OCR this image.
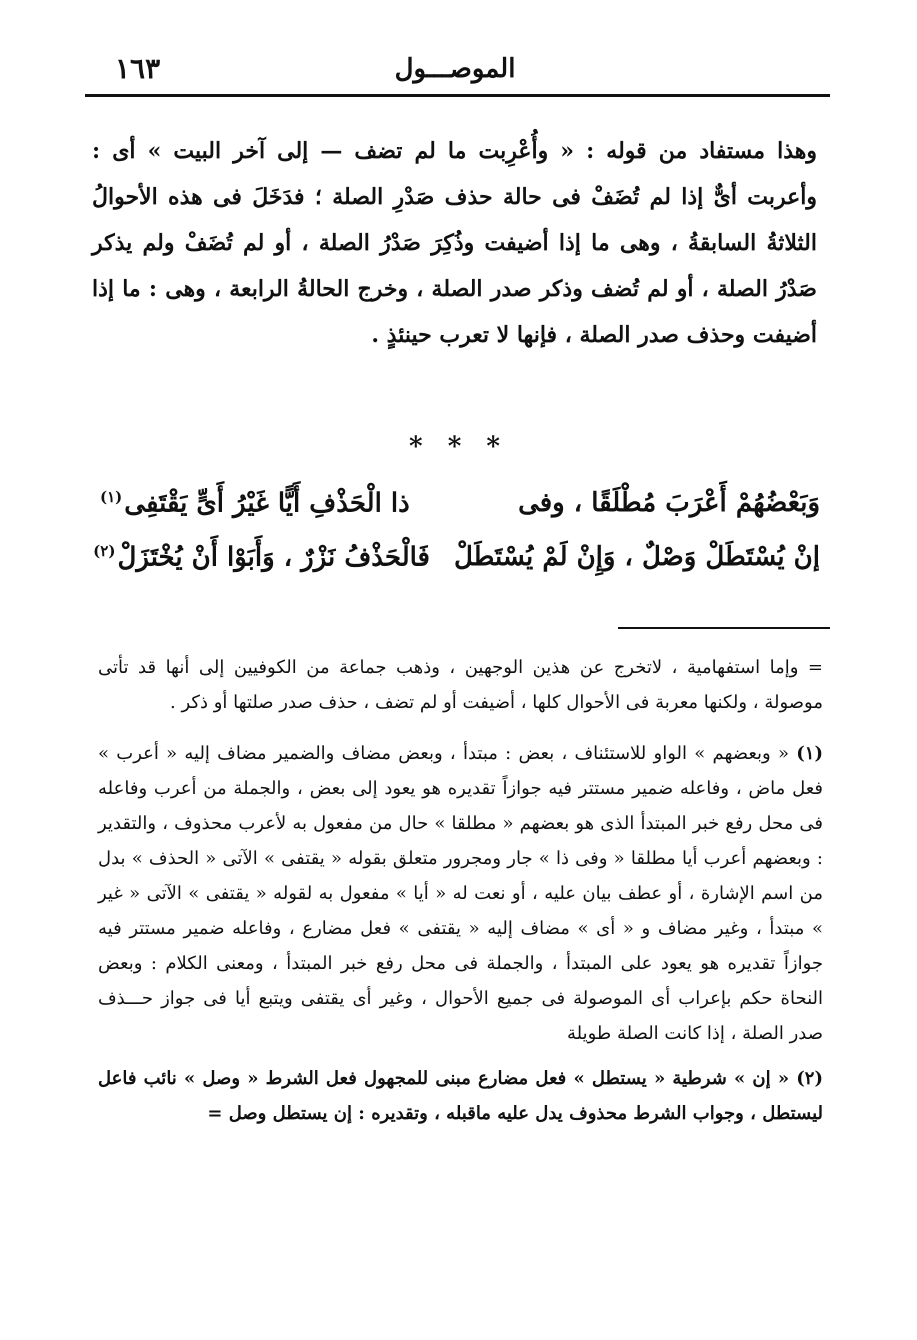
الموصـــول
١٦٣

وهذا مستفاد من قوله : « وأُعْرِبت ما لم تضف — إلى آخر البيت » أى : وأعربت أىٌّ إذا لم تُضَفْ فى حالة حذف صَدْرِ الصلة ؛ فدَخَلَ فى هذه الأحوالُ الثلاثةُ السابقةُ ، وهى ما إذا أضيفت وذُكِرَ صَدْرُ الصلة ، أو لم تُضَفْ ولم يذكر صَدْرُ الصلة ، أو لم تُضف وذكر صدر الصلة ، وخرج الحالةُ الرابعة ، وهى : ما إذا أضيفت وحذف صدر الصلة ، فإنها لا تعرب حينئذٍ .

* * *
وَبَعْضُهُمْ أَعْرَبَ مُطْلَقًا ، وفى
ذا الْحَذْفِ أَيًّا غَيْرُ أَىٍّ يَقْتَفِى$^{(١)}$
إنْ يُسْتَطَلْ وَصْلٌ ، وَإِنْ لَمْ يُسْتَطَلْ
فَالْحَذْفُ نَزْرٌ ، وَأَبَوْا أَنْ يُخْتَزَلْ$^{(٢)}$

= وإما استفهامية ، لاتخرج عن هذين الوجهين ، وذهب جماعة من الكوفيين إلى أنها قد تأتى موصولة ، ولكنها معربة فى الأحوال كلها ، أضيفت أو لم تضف ، حذف صدر صلتها أو ذكر .

(١) « وبعضهم » الواو للاستئناف ، بعض : مبتدأ ، وبعض مضاف والضمير مضاف إليه « أعرب » فعل ماض ، وفاعله ضمير مستتر فيه جوازاً تقديره هو يعود إلى بعض ، والجملة من أعرب وفاعله فى محل رفع خبر المبتدأ الذى هو بعضهم « مطلقا » حال من مفعول به لأعرب محذوف ، والتقدير : وبعضهم أعرب أيا مطلقا « وفى ذا » جار ومجرور متعلق بقوله « يقتفى » الآتى « الحذف » بدل من اسم الإشارة ، أو عطف بيان عليه ، أو نعت له « أيا » مفعول به لقوله « يقتفى » الآتى « غير » مبتدأ ، وغير مضاف و « أى » مضاف إليه « يقتفى » فعل مضارع ، وفاعله ضمير مستتر فيه جوازاً تقديره هو يعود على المبتدأ ، والجملة فى محل رفع خبر المبتدأ ، ومعنى الكلام : وبعض النحاة حكم بإعراب أى الموصولة فى جميع الأحوال ، وغير أى يقتفى ويتبع أيا فى جواز حـــذف صدر الصلة ، إذا كانت الصلة طويلة

(٢) « إن » شرطية « يستطل » فعل مضارع مبنى للمجهول فعل الشرط « وصل » نائب فاعل ليستطل ، وجواب الشرط محذوف يدل عليه ماقبله ، وتقديره : إن يستطل وصل =
